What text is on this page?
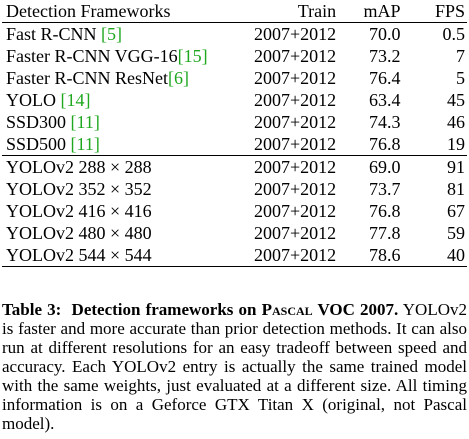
Detection Frameworks	Train	mAP	FPS
Fast R-CNN [5]	2007+2012	70.0	0.5
Faster R-CNN VGG-16[15]	2007+2012	73.2	7
Faster R-CNN ResNet[6]	2007+2012	76.4	5
YOLO [14]	2007+2012	63.4	45
SSD300 [11]	2007+2012	74.3	46
SSD500 [11]	2007+2012	76.8	19
YOLOv2 288 × 288	2007+2012	69.0	91
YOLOv2 352 × 352	2007+2012	73.7	81
YOLOv2 416 × 416	2007+2012	76.8	67
YOLOv2 480 × 480	2007+2012	77.8	59
YOLOv2 544 × 544	2007+2012	78.6	40
Table 3: Detection frameworks on Pascal VOC 2007. YOLOv2 is faster and more accurate than prior detection methods. It can also run at different resolutions for an easy tradeoff between speed and accuracy. Each YOLOv2 entry is actually the same trained model with the same weights, just evaluated at a different size. All timing information is on a Geforce GTX Titan X (original, not Pascal model).
